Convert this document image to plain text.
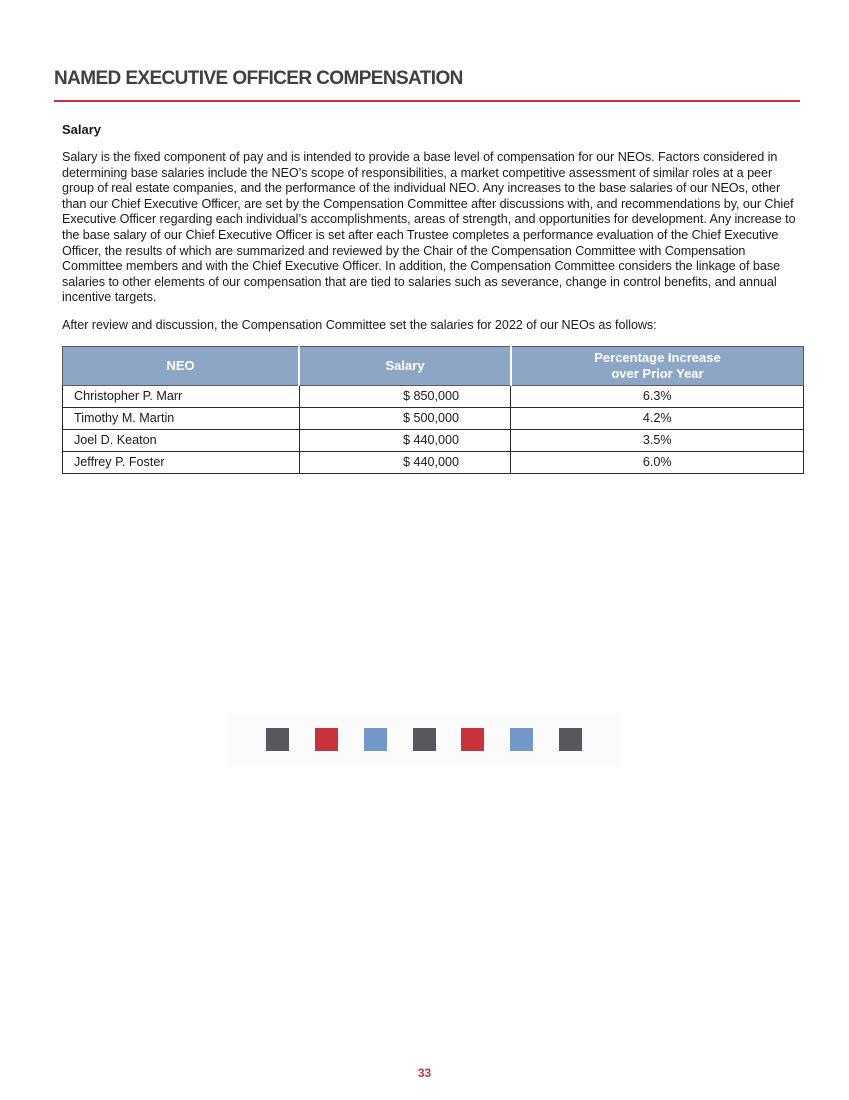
NAMED EXECUTIVE OFFICER COMPENSATION

Salary

Salary is the fixed component of pay and is intended to provide a base level of compensation for our NEOs. Factors considered in determining base salaries include the NEO’s scope of responsibilities, a market competitive assessment of similar roles at a peer group of real estate companies, and the performance of the individual NEO. Any increases to the base salaries of our NEOs, other than our Chief Executive Officer, are set by the Compensation Committee after discussions with, and recommendations by, our Chief Executive Officer regarding each individual’s accomplishments, areas of strength, and opportunities for development. Any increase to the base salary of our Chief Executive Officer is set after each Trustee completes a performance evaluation of the Chief Executive Officer, the results of which are summarized and reviewed by the Chair of the Compensation Committee with Compensation Committee members and with the Chief Executive Officer. In addition, the Compensation Committee considers the linkage of base salaries to other elements of our compensation that are tied to salaries such as severance, change in control benefits, and annual incentive targets.

After review and discussion, the Compensation Committee set the salaries for 2022 of our NEOs as follows:

NEO	Salary	Percentage Increase
over Prior Year

Christopher P. Marr	$ 850,000	6.3%
Timothy M. Martin	$ 500,000	4.2%
Joel D. Keaton	$ 440,000	3.5%
Jeffrey P. Foster	$ 440,000	6.0%
33
